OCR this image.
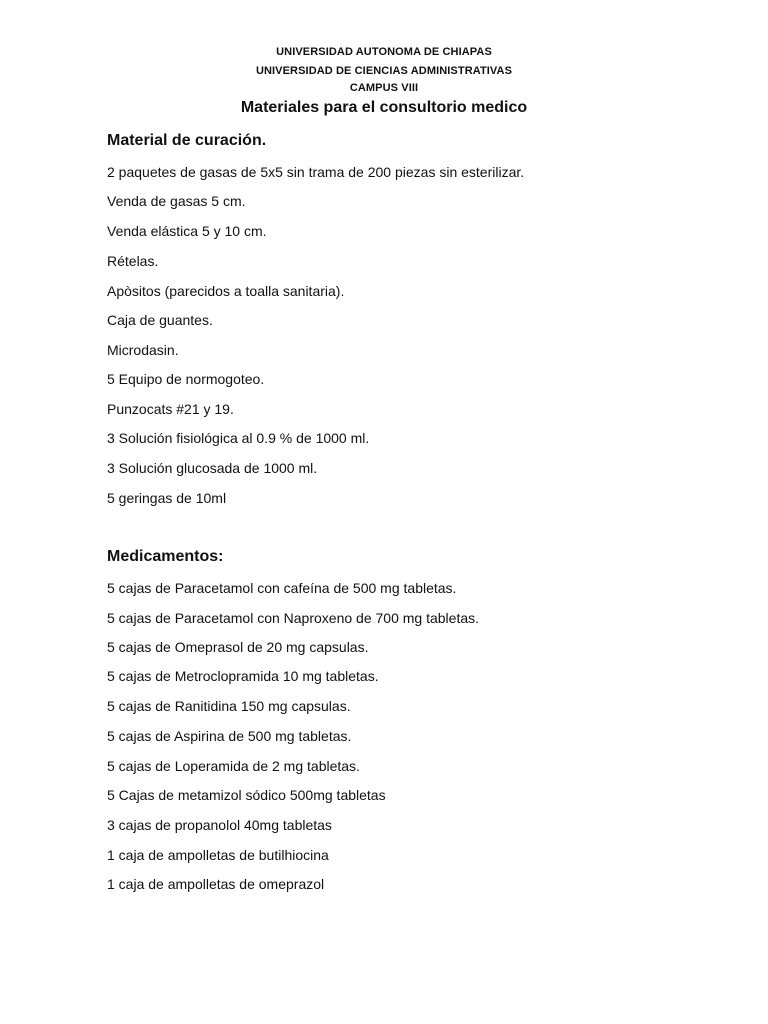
UNIVERSIDAD AUTONOMA DE CHIAPAS
UNIVERSIDAD DE CIENCIAS ADMINISTRATIVAS
CAMPUS VIII
Materiales para el consultorio medico
Material de curación.
2 paquetes de gasas de 5x5 sin trama de 200 piezas sin esterilizar.
Venda de gasas 5 cm.
Venda elástica 5 y 10 cm.
Rételas.
Apòsitos (parecidos a toalla sanitaria).
Caja de guantes.
Microdasin.
5 Equipo de normogoteo.
Punzocats #21 y 19.
3 Solución fisiológica al 0.9 % de 1000 ml.
3 Solución glucosada de 1000 ml.
5 geringas de 10ml
Medicamentos:
5 cajas de Paracetamol con cafeína de 500 mg tabletas.
5 cajas de Paracetamol con Naproxeno de 700 mg tabletas.
5 cajas de Omeprasol de 20 mg capsulas.
5 cajas de Metroclopramida 10 mg tabletas.
5 cajas de Ranitidina 150 mg capsulas.
5 cajas de Aspirina de 500 mg tabletas.
5 cajas de Loperamida de 2 mg tabletas.
5 Cajas de metamizol sódico 500mg tabletas
3 cajas de propanolol 40mg tabletas
1 caja de ampolletas de butilhiocina
1 caja de ampolletas de omeprazol
